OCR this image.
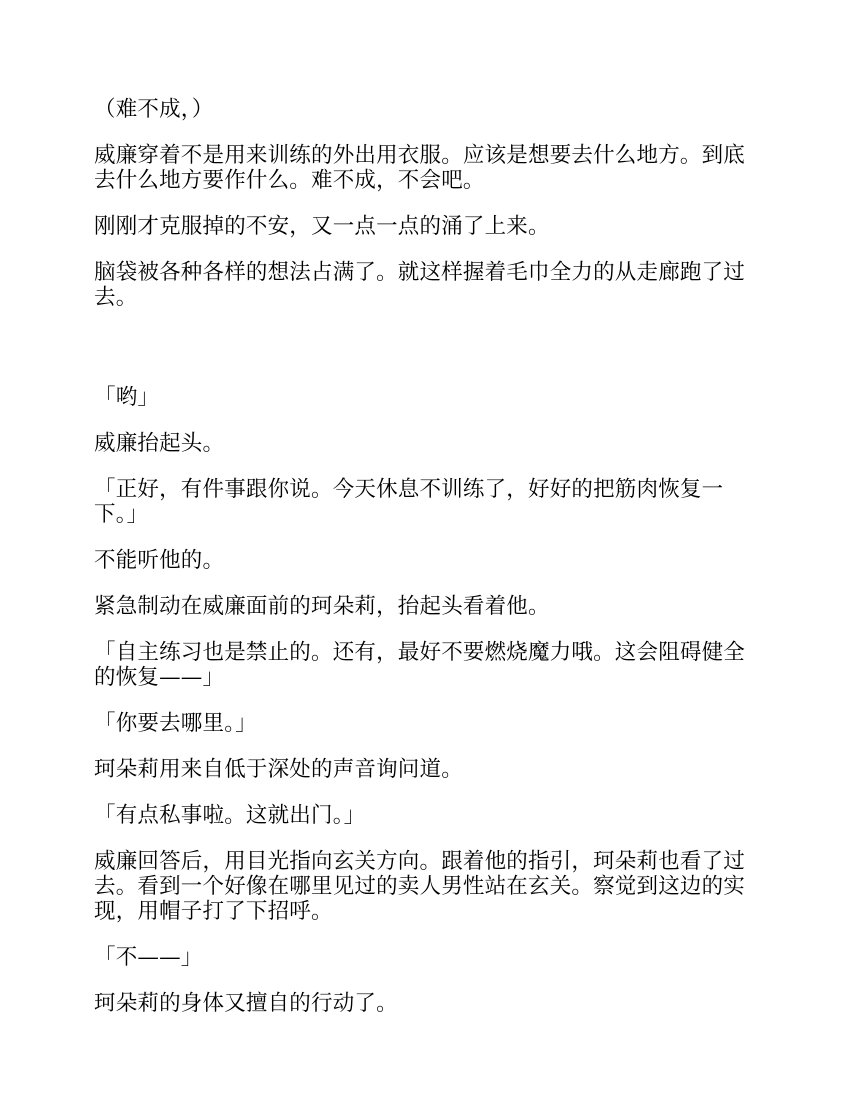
（难不成，）

威廉穿着不是用来训练的外出用衣服。应该是想要去什么地方。到底去什么地方要作什么。难不成，不会吧。

刚刚才克服掉的不安，又一点一点的涌了上来。

脑袋被各种各样的想法占满了。就这样握着毛巾全力的从走廊跑了过去。

「哟」

威廉抬起头。

「正好，有件事跟你说。今天休息不训练了，好好的把筋肉恢复一下。」

不能听他的。

紧急制动在威廉面前的珂朵莉，抬起头看着他。

「自主练习也是禁止的。还有，最好不要燃烧魔力哦。这会阻碍健全的恢复——」

「你要去哪里。」

珂朵莉用来自低于深处的声音询问道。

「有点私事啦。这就出门。」

威廉回答后，用目光指向玄关方向。跟着他的指引，珂朵莉也看了过去。看到一个好像在哪里见过的卖人男性站在玄关。察觉到这边的实现，用帽子打了下招呼。

「不——」

珂朵莉的身体又擅自的行动了。
